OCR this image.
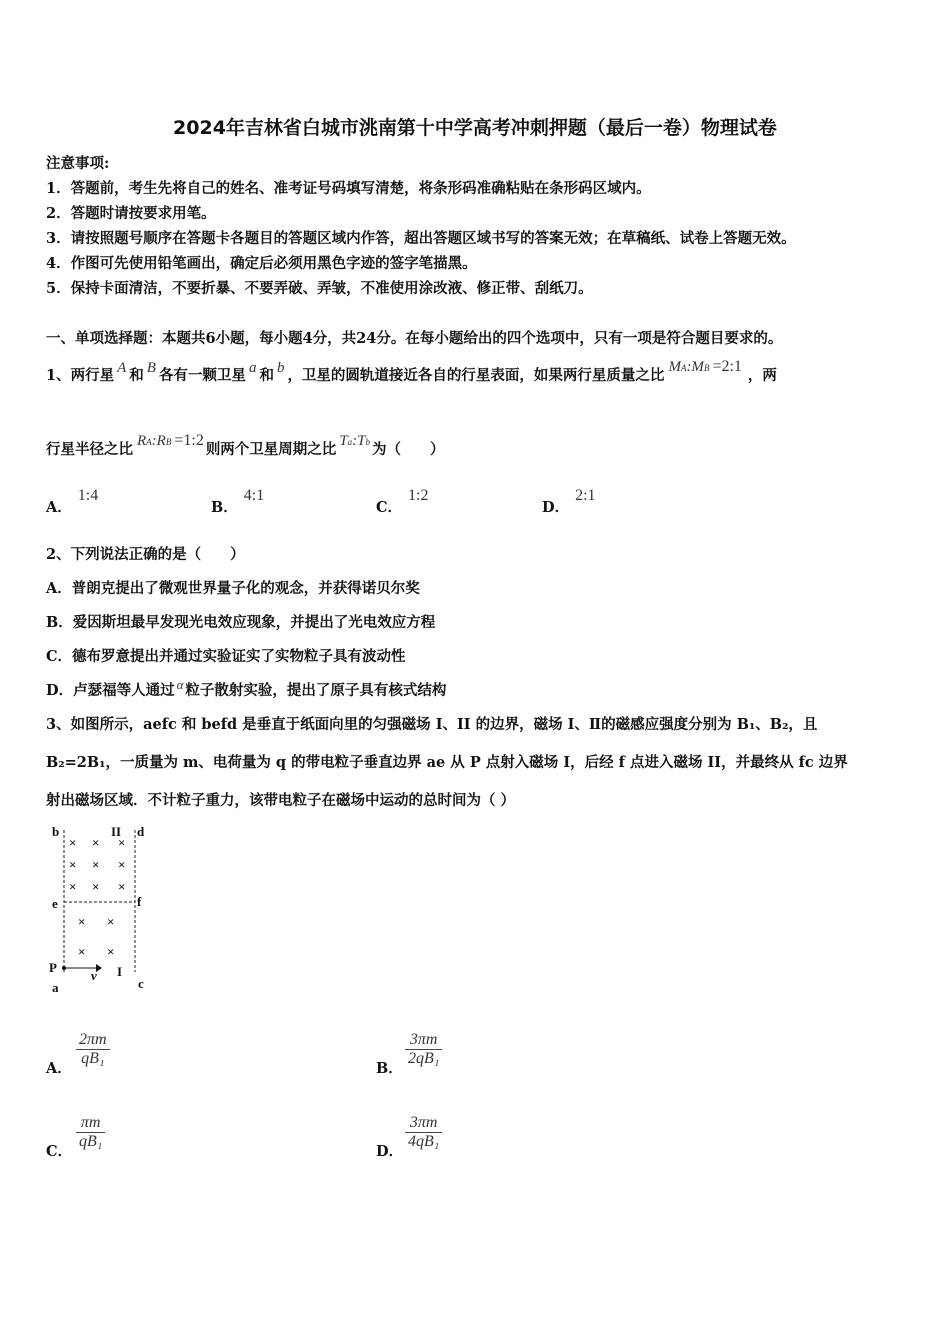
2024年吉林省白城市洮南第十中学高考冲刺押题（最后一卷）物理试卷
注意事项:
1．答题前，考生先将自己的姓名、准考证号码填写清楚，将条形码准确粘贴在条形码区域内。
2．答题时请按要求用笔。
3．请按照题号顺序在答题卡各题目的答题区域内作答，超出答题区域书写的答案无效；在草稿纸、试卷上答题无效。
4．作图可先使用铅笔画出，确定后必须用黑色字迹的签字笔描黑。
5．保持卡面清洁，不要折暴、不要弄破、弄皱，不准使用涂改液、修正带、刮纸刀。
一、单项选择题：本题共6小题，每小题4分，共24分。在每小题给出的四个选项中，只有一项是符合题目要求的。
1、两行星 A 和 B 各有一颗卫星 a 和 b ，卫星的圆轨道接近各自的行星表面，如果两行星质量之比 MA:MB =2:1，两
行星半径之比 RA:RB =1:2则两个卫星周期之比 Ta:Tb 为（　　）
A．1:4
B．4:1
C．1:2
D．2:1
2、下列说法正确的是（　　）
A．普朗克提出了微观世界量子化的观念，并获得诺贝尔奖
B．爱因斯坦最早发现光电效应现象，并提出了光电效应方程
C．德布罗意提出并通过实验证实了实物粒子具有波动性
D．卢瑟福等人通过 α 粒子散射实验，提出了原子具有核式结构
3、如图所示，aefc 和 befd 是垂直于纸面向里的匀强磁场 I、II 的边界，磁场 I、Ⅱ的磁感应强度分别为 B₁、B₂，且
B₂=2B₁，一质量为 m、电荷量为 q 的带电粒子垂直边界 ae 从 P 点射入磁场 I，后经 f 点进入磁场 II，并最终从 fc 边界
射出磁场区域．不计粒子重力，该带电粒子在磁场中运动的总时间为（ ）
× × ×
× × ×
× × ×
× ×
× ×
b	II d
e	f
P
v I
a	c
A．
$\frac{2\pi m}{\text{qB₁}}$
B．
$\frac{3\pi m}{\text{2qB₁}}$
C．
$\frac{\pi m}{\text{qB₁}}$
D．
$\frac{3\pi m}{\text{4qB₁}}$
